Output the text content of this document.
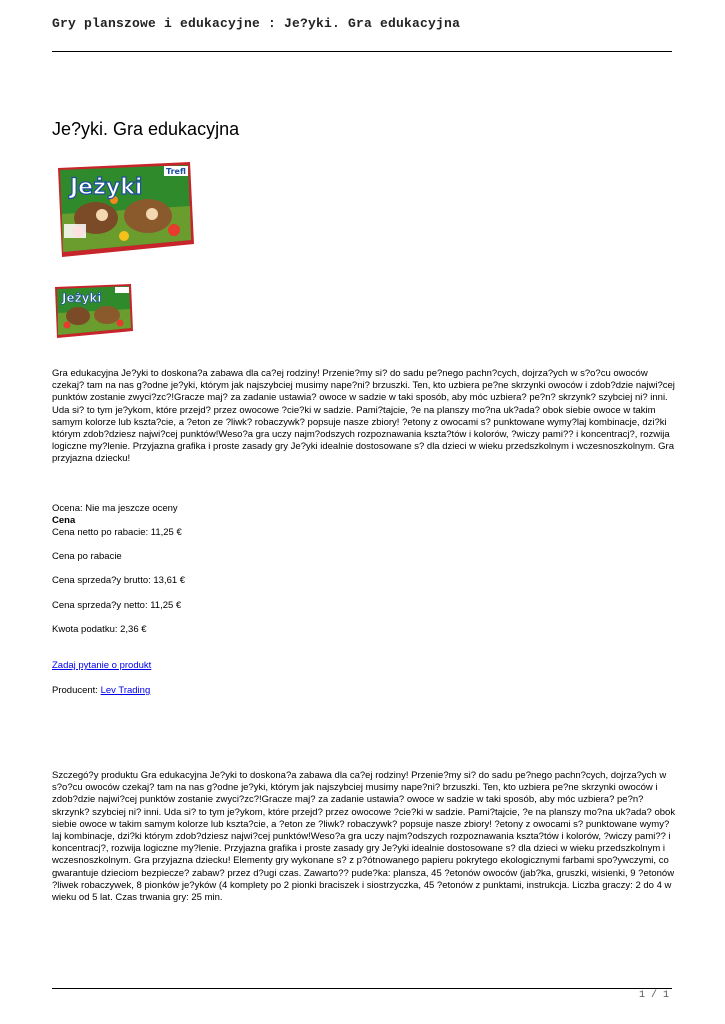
Gry planszowe i edukacyjne : Je?yki. Gra edukacyjna
Je?yki. Gra edukacyjna
Jeżyki
Trefl
Jeżyki

Gra edukacyjna Je?yki to doskona?a zabawa dla ca?ej rodziny! Przenie?my si? do sadu pe?nego pachn?cych, dojrza?ych w s?o?cu owoców czekaj? tam na nas g?odne je?yki, którym jak najszybciej musimy nape?ni? brzuszki. Ten, kto uzbiera pe?ne skrzynki owoców i zdob?dzie najwi?cej punktów zostanie zwyci?zc?!Gracze maj? za zadanie ustawia? owoce w sadzie w taki sposób, aby móc uzbiera? pe?n? skrzynk? szybciej ni? inni. Uda si? to tym je?ykom, które przejd? przez owocowe ?cie?ki w sadzie. Pami?tajcie, ?e na planszy mo?na uk?ada? obok siebie owoce w takim samym kolorze lub kszta?cie, a ?eton ze ?liwk? robaczywk? popsuje nasze zbiory! ?etony z owocami s? punktowane wymy?laj kombinacje, dzi?ki którym zdob?dziesz najwi?cej punktów!Weso?a gra uczy najm?odszych rozpoznawania kszta?tów i kolorów, ?wiczy pami?? i koncentracj?, rozwija logiczne my?lenie. Przyjazna grafika i proste zasady gry Je?yki idealnie dostosowane s? dla dzieci w wieku przedszkolnym i wczesnoszkolnym. Gra przyjazna dziecku!

Ocena: Nie ma jeszcze oceny
Cena
Cena netto po rabacie: 11,25 €
Cena po rabacie
Cena sprzeda?y brutto: 13,61 €
Cena sprzeda?y netto: 11,25 €
Kwota podatku: 2,36 €
Zadaj pytanie o produkt
Producent: Lev Trading

Szczegó?y produktu Gra edukacyjna Je?yki to doskona?a zabawa dla ca?ej rodziny! Przenie?my si? do sadu pe?nego pachn?cych, dojrza?ych w s?o?cu owoców czekaj? tam na nas g?odne je?yki, którym jak najszybciej musimy nape?ni? brzuszki. Ten, kto uzbiera pe?ne skrzynki owoców i zdob?dzie najwi?cej punktów zostanie zwyci?zc?!Gracze maj? za zadanie ustawia? owoce w sadzie w taki sposób, aby móc uzbiera? pe?n? skrzynk? szybciej ni? inni. Uda si? to tym je?ykom, które przejd? przez owocowe ?cie?ki w sadzie. Pami?tajcie, ?e na planszy mo?na uk?ada? obok siebie owoce w takim samym kolorze lub kszta?cie, a ?eton ze ?liwk? robaczywk? popsuje nasze zbiory! ?etony z owocami s? punktowane wymy?laj kombinacje, dzi?ki którym zdob?dziesz najwi?cej punktów!Weso?a gra uczy najm?odszych rozpoznawania kszta?tów i kolorów, ?wiczy pami?? i koncentracj?, rozwija logiczne my?lenie. Przyjazna grafika i proste zasady gry Je?yki idealnie dostosowane s? dla dzieci w wieku przedszkolnym i wczesnoszkolnym. Gra przyjazna dziecku! Elementy gry wykonane s? z p?ótnowanego papieru pokrytego ekologicznymi farbami spo?ywczymi, co gwarantuje dzieciom bezpiecze? zabaw? przez d?ugi czas. Zawarto?? pude?ka: plansza, 45 ?etonów owoców (jab?ka, gruszki, wisienki, 9 ?etonów ?liwek robaczywek, 8 pionków je?yków (4 komplety po 2 pionki braciszek i siostrzyczka, 45 ?etonów z punktami, instrukcja. Liczba graczy: 2 do 4 w wieku od 5 lat. Czas trwania gry: 25 min.

1 / 1
